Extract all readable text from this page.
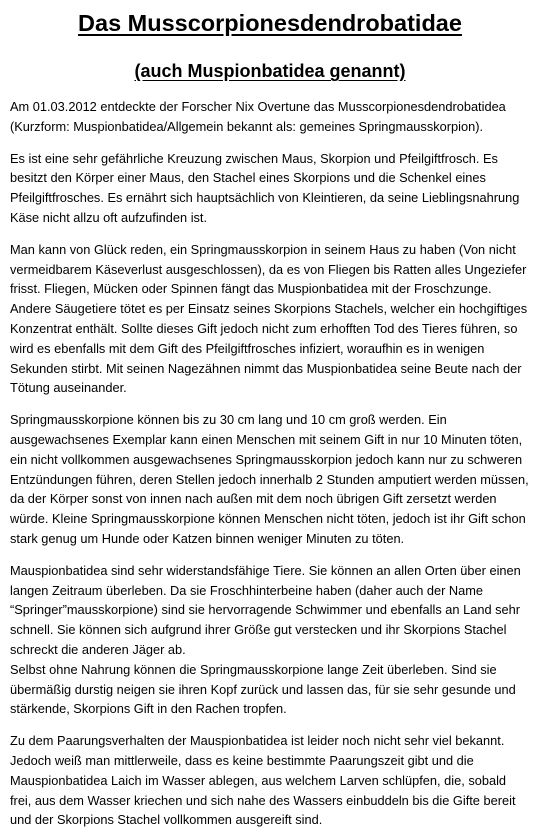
Das Musscorpionesdendrobatidae
(auch Muspionbatidea genannt)

Am 01.03.2012 entdeckte der Forscher Nix Overtune das Musscorpionesdendrobatidea (Kurzform: Muspionbatidea/Allgemein bekannt als: gemeines Springmausskorpion).

Es ist eine sehr gefährliche Kreuzung zwischen Maus, Skorpion und Pfeilgiftfrosch. Es besitzt den Körper einer Maus, den Stachel eines Skorpions und die Schenkel eines Pfeilgiftfrosches. Es ernährt sich hauptsächlich von Kleintieren, da seine Lieblingsnahrung Käse nicht allzu oft aufzufinden ist.

Man kann von Glück reden, ein Springmausskorpion in seinem Haus zu haben (Von nicht vermeidbarem Käseverlust ausgeschlossen), da es von Fliegen bis Ratten alles Ungeziefer frisst. Fliegen, Mücken oder Spinnen fängt das Muspionbatidea mit der Froschzunge. Andere Säugetiere tötet es per Einsatz seines Skorpions Stachels, welcher ein hochgiftiges Konzentrat enthält. Sollte dieses Gift jedoch nicht zum erhofften Tod des Tieres führen, so wird es ebenfalls mit dem Gift des Pfeilgiftfrosches infiziert, woraufhin es in wenigen Sekunden stirbt. Mit seinen Nagezähnen nimmt das Muspionbatidea seine Beute nach der Tötung auseinander.

Springmausskorpione können bis zu 30 cm lang und 10 cm groß werden. Ein ausgewachsenes Exemplar kann einen Menschen mit seinem Gift in nur 10 Minuten töten, ein nicht vollkommen ausgewachsenes Springmausskorpion jedoch kann nur zu schweren Entzündungen führen, deren Stellen jedoch innerhalb 2 Stunden amputiert werden müssen, da der Körper sonst von innen nach außen mit dem noch übrigen Gift zersetzt werden würde. Kleine Springmausskorpione können Menschen nicht töten, jedoch ist ihr Gift schon stark genug um Hunde oder Katzen binnen weniger Minuten zu töten.

Mauspionbatidea sind sehr widerstandsfähige Tiere. Sie können an allen Orten über einen langen Zeitraum überleben. Da sie Froschhinterbeine haben (daher auch der Name “Springer”mausskorpione) sind sie hervorragende Schwimmer und ebenfalls an Land sehr schnell. Sie können sich aufgrund ihrer Größe gut verstecken und ihr Skorpions Stachel schreckt die anderen Jäger ab.

Selbst ohne Nahrung können die Springmausskorpione lange Zeit überleben. Sind sie übermäßig durstig neigen sie ihren Kopf zurück und lassen das, für sie sehr gesunde und stärkende, Skorpions Gift in den Rachen tropfen.

Zu dem Paarungsverhalten der Mauspionbatidea ist leider noch nicht sehr viel bekannt. Jedoch weiß man mittlerweile, dass es keine bestimmte Paarungszeit gibt und die Mauspionbatidea Laich im Wasser ablegen, aus welchem Larven schlüpfen, die, sobald frei, aus dem Wasser kriechen und sich nahe des Wassers einbuddeln bis die Gifte bereit und der Skorpions Stachel vollkommen ausgereift sind.
